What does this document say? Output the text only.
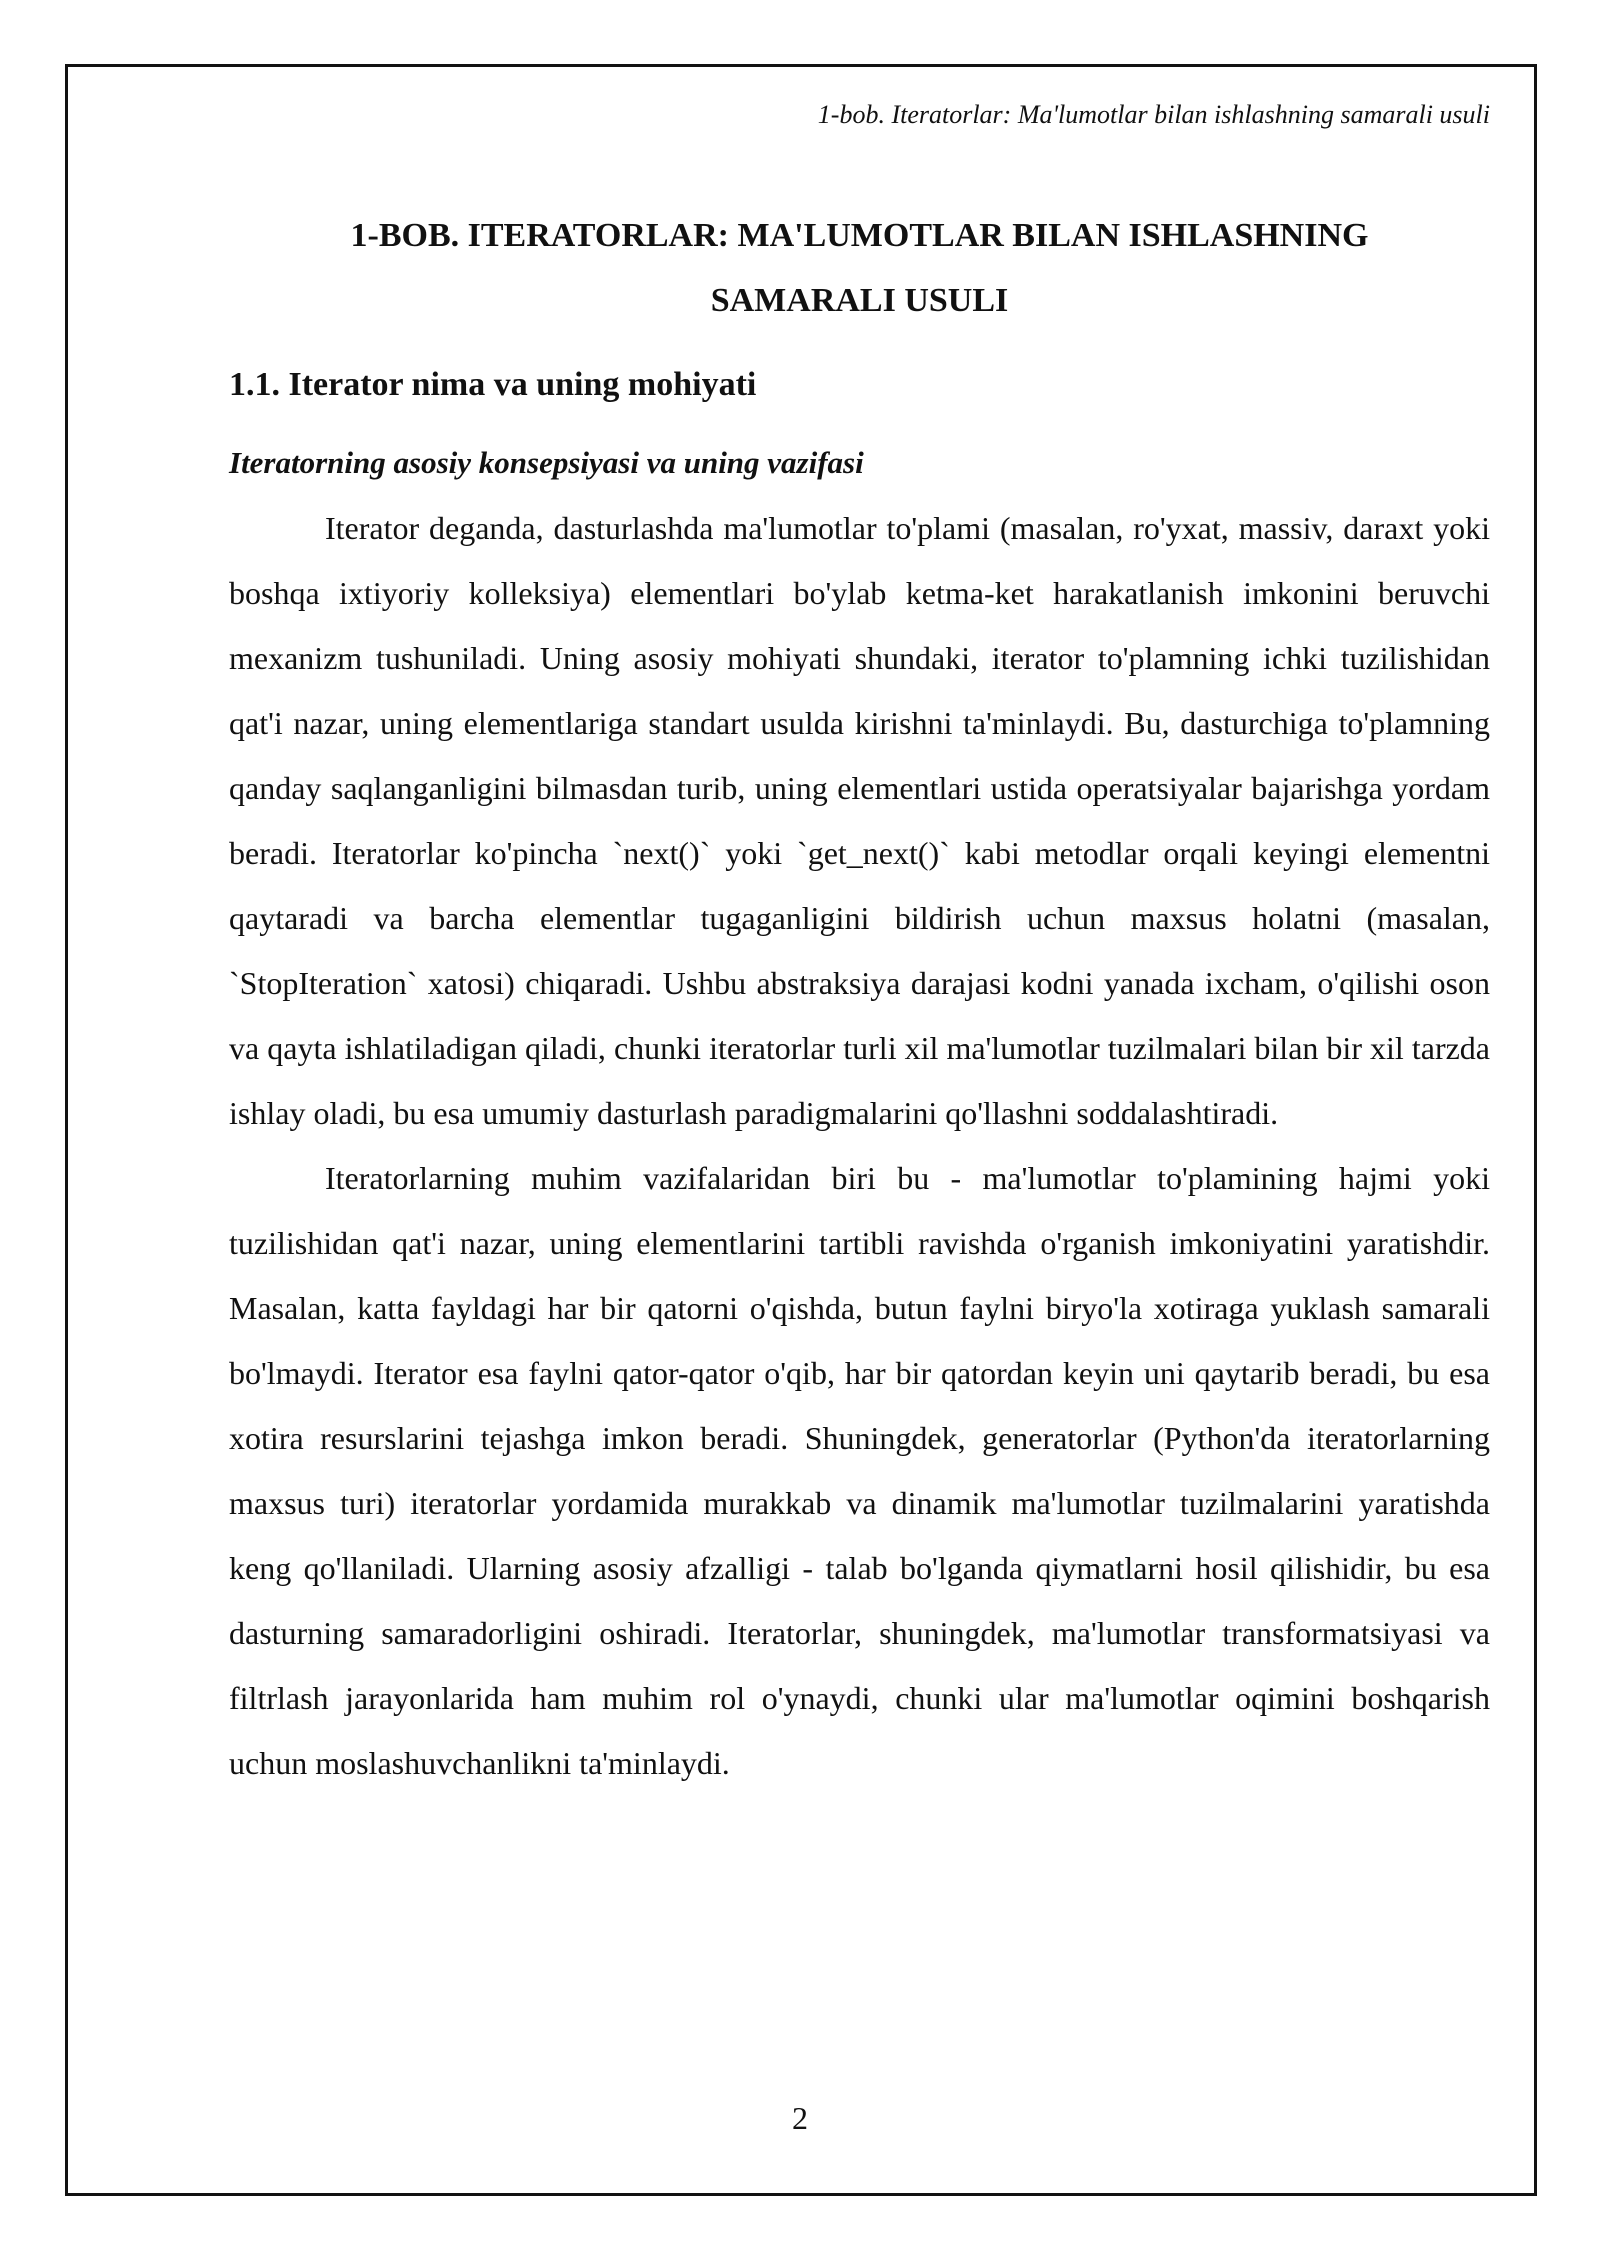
1-bob. Iteratorlar: Ma'lumotlar bilan ishlashning samarali usuli
1-BOB. ITERATORLAR: MA'LUMOTLAR BILAN ISHLASHNING SAMARALI USULI
1.1. Iterator nima va uning mohiyati
Iteratorning asosiy konsepsiyasi va uning vazifasi

Iterator deganda, dasturlashda ma'lumotlar to'plami (masalan, ro'yxat, massiv, daraxt yoki boshqa ixtiyoriy kolleksiya) elementlari bo'ylab ketma-ket harakatlanish imkonini beruvchi mexanizm tushuniladi. Uning asosiy mohiyati shundaki, iterator to'plamning ichki tuzilishidan qat'i nazar, uning elementlariga standart usulda kirishni ta'minlaydi. Bu, dasturchiga to'plamning qanday saqlanganligini bilmasdan turib, uning elementlari ustida operatsiyalar bajarishga yordam beradi. Iteratorlar ko'pincha `next()` yoki `get_next()` kabi metodlar orqali keyingi elementni qaytaradi va barcha elementlar tugaganligini bildirish uchun maxsus holatni (masalan, `StopIteration` xatosi) chiqaradi. Ushbu abstraksiya darajasi kodni yanada ixcham, o'qilishi oson va qayta ishlatiladigan qiladi, chunki iteratorlar turli xil ma'lumotlar tuzilmalari bilan bir xil tarzda ishlay oladi, bu esa umumiy dasturlash paradigmalarini qo'llashni soddalashtiradi.

Iteratorlarning muhim vazifalaridan biri bu - ma'lumotlar to'plamining hajmi yoki tuzilishidan qat'i nazar, uning elementlarini tartibli ravishda o'rganish imkoniyatini yaratishdir. Masalan, katta fayldagi har bir qatorni o'qishda, butun faylni biryo'la xotiraga yuklash samarali bo'lmaydi. Iterator esa faylni qator-qator o'qib, har bir qatordan keyin uni qaytarib beradi, bu esa xotira resurslarini tejashga imkon beradi. Shuningdek, generatorlar (Python'da iteratorlarning maxsus turi) iteratorlar yordamida murakkab va dinamik ma'lumotlar tuzilmalarini yaratishda keng qo'llaniladi. Ularning asosiy afzalligi - talab bo'lganda qiymatlarni hosil qilishidir, bu esa dasturning samaradorligini oshiradi. Iteratorlar, shuningdek, ma'lumotlar transformatsiyasi va filtrlash jarayonlarida ham muhim rol o'ynaydi, chunki ular ma'lumotlar oqimini boshqarish uchun moslashuvchanlikni ta'minlaydi.

2
